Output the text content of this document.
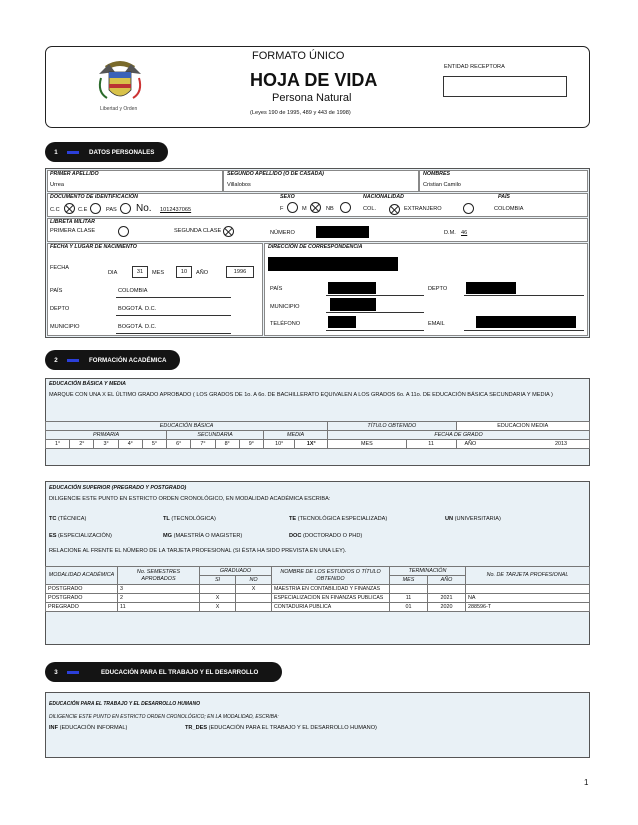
Libertad y Orden
FORMATO ÚNICO
HOJA DE VIDA
Persona Natural
(Leyes 190 de 1995, 489 y 443 de 1998)
ENTIDAD RECEPTORA
1	DATOS PERSONALES
PRIMER APELLIDO
Urrea
SEGUNDO APELLIDO (O DE CASADA)
Villalobos
NOMBRES
Cristian Camilo
DOCUMENTO DE IDENTIFICACIÓN
C.C	C.E	PAS No. 1012437065
SEXO
F	M	NB
NACIONALIDAD
COL.	EXTRANJERO
PAÍS
COLOMBIA
LIBRETA MILITAR
PRIMERA CLASE	SEGUNDA CLASE	NÚMERO	D.M. 46
FECHA Y LUGAR DE NACIMIENTO
FECHA
DIA	31	MES	10	AÑO	1996
PAÍS	COLOMBIA
DEPTO	BOGOTÁ. D.C.
MUNICIPIO	BOGOTÁ. D.C.
DIRECCIÓN DE CORRESPONDENCIA
PAÍS	DEPTO
MUNICIPIO
TELÉFONO	EMAIL
2	FORMACIÓN ACADÉMICA
EDUCACIÓN BÁSICA Y MEDIA
MARQUE CON UNA X EL ÚLTIMO GRADO APROBADO ( LOS GRADOS DE 1o. A 6o. DE BACHILLERATO EQUIVALEN A LOS GRADOS 6o. A 11o. DE EDUCACIÓN BÁSICA SECUNDARIA Y MEDIA )
EDUCACIÓN BÁSICA											TÍTULO OBTENIDO		EDUCACION MEDIA
PRIMARIA					SECUNDARIA				MEDIA		FECHA DE GRADO		
1°	2°	3°	4°	5°	6°	7°	8°	9°	10°	1X°	MES	11	AÑO 2013
EDUCACIÓN SUPERIOR (PREGRADO Y POSTGRADO)
DILIGENCIE ESTE PUNTO EN ESTRICTO ORDEN CRONOLÓGICO, EN MODALIDAD ACADÉMICA ESCRIBA:
TC (TÉCNICA)	TL (TECNOLÓGICA)	TE (TECNOLÓGICA ESPECIALIZADA)	UN (UNIVERSITARIA)
ES (ESPECIALIZACIÓN)	MG (MAESTRÍA O MAGISTER)	DOC (DOCTORADO O PHD)
RELACIONE AL FRENTE EL NÚMERO DE LA TARJETA PROFESIONAL (SI ÉSTA HA SIDO PREVISTA EN UNA LEY).
MODALIDAD ACADÉMICA	No. SEMESTRES APROBADOS	GRADUADO		NOMBRE DE LOS ESTUDIOS O TÍTULO OBTENIDO	TERMINACIÓN		No. DE TARJETA PROFESIONAL
		SI	NO		MES	AÑO	
POSTGRADO	3		X	MAESTRIA EN CONTABILIDAD Y FINANZAS			
POSTGRADO	2	X		ESPECIALIZACION EN FINANZAS PUBLICAS	11	2021	NA
PREGRADO	11	X		CONTADURIA PUBLICA	01	2020	288596-T
3	EDUCACIÓN PARA EL TRABAJO Y EL DESARROLLO
EDUCACIÓN PARA EL TRABAJO Y EL DESARROLLO HUMANO
DILIGENCIE ESTE PUNTO EN ESTRICTO ORDEN CRONOLÓGICO; EN LA MODALIDAD, ESCRIBA:
INF (EDUCACIÓN INFORMAL)	TR_DES (EDUCACIÓN PARA EL TRABAJO Y EL DESARROLLO HUMANO)
1
